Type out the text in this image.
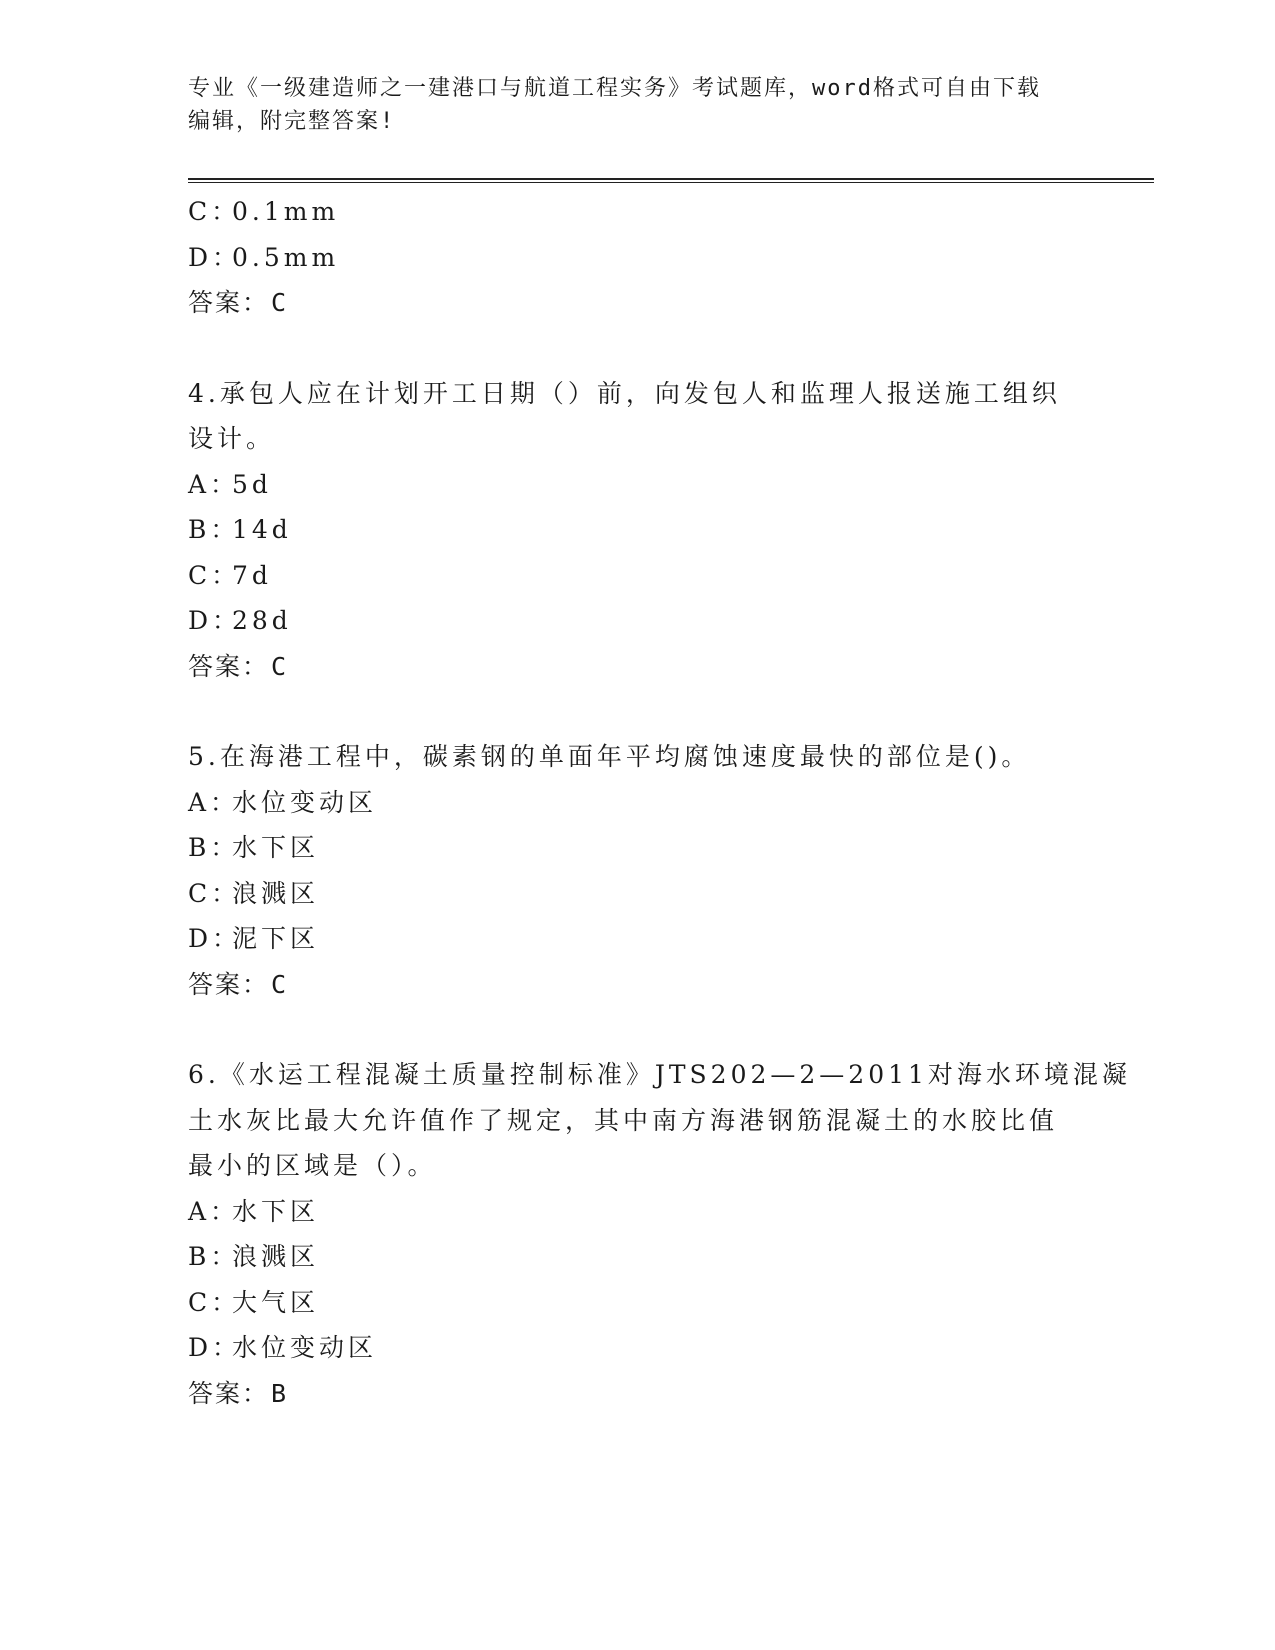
专业《一级建造师之一建港口与航道工程实务》考试题库，word格式可自由下载
编辑，附完整答案!
C：0.1mm
D：0.5mm
答案：C
4.承包人应在计划开工日期（）前，向发包人和监理人报送施工组织
设计。
A：5d
B：14d
C：7d
D：28d
答案：C
5.在海港工程中，碳素钢的单面年平均腐蚀速度最快的部位是()。
A：水位变动区
B：水下区
C：浪溅区
D：泥下区
答案：C
6.《水运工程混凝土质量控制标准》JTS202—2—2011对海水环境混凝
土水灰比最大允许值作了规定，其中南方海港钢筋混凝土的水胶比值
最小的区域是（）。
A：水下区
B：浪溅区
C：大气区
D：水位变动区
答案：B
